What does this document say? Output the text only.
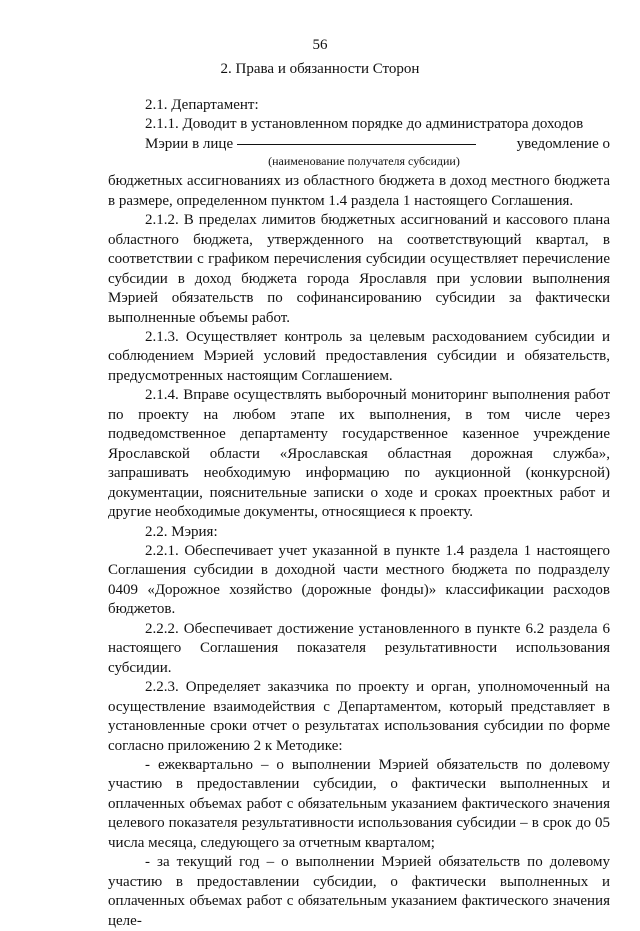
56
2. Права и обязанности Сторон

2.1. Департамент:

2.1.1. Доводит в установленном порядке до администратора доходов

Мэрии в лице	уведомление о

(наименование получателя субсидии)

бюджетных ассигнованиях из областного бюджета в доход местного бюджета в размере, определенном пунктом 1.4 раздела 1 настоящего Соглашения.

2.1.2. В пределах лимитов бюджетных ассигнований и кассового плана областного бюджета, утвержденного на соответствующий квартал, в соответствии с графиком перечисления субсидии осуществляет перечисление субсидии в доход бюджета города Ярославля при условии выполнения Мэрией обязательств по софинансированию субсидии за фактически выполненные объемы работ.

2.1.3. Осуществляет контроль за целевым расходованием субсидии и соблюдением Мэрией условий предоставления субсидии и обязательств, предусмотренных настоящим Соглашением.

2.1.4. Вправе осуществлять выборочный мониторинг выполнения работ по проекту на любом этапе их выполнения, в том числе через подведомственное департаменту государственное казенное учреждение Ярославской области «Ярославская областная дорожная служба», запрашивать необходимую информацию по аукционной (конкурсной) документации, пояснительные записки о ходе и сроках проектных работ и другие необходимые документы, относящиеся к проекту.

2.2. Мэрия:

2.2.1. Обеспечивает учет указанной в пункте 1.4 раздела 1 настоящего Соглашения субсидии в доходной части местного бюджета по подразделу 0409 «Дорожное хозяйство (дорожные фонды)» классификации расходов бюджетов.

2.2.2. Обеспечивает достижение установленного в пункте 6.2 раздела 6 настоящего Соглашения показателя результативности использования субсидии.

2.2.3. Определяет заказчика по проекту и орган, уполномоченный на осуществление взаимодействия с Департаментом, который представляет в установленные сроки отчет о результатах использования субсидии по форме согласно приложению 2 к Методике:

- ежеквартально – о выполнении Мэрией обязательств по долевому участию в предоставлении субсидии, о фактически выполненных и оплаченных объемах работ с обязательным указанием фактического значения целевого показателя результативности использования субсидии – в срок до 05 числа месяца, следующего за отчетным кварталом;

- за текущий год – о выполнении Мэрией обязательств по долевому участию в предоставлении субсидии, о фактически выполненных и оплаченных объемах работ с обязательным указанием фактического значения целе-
